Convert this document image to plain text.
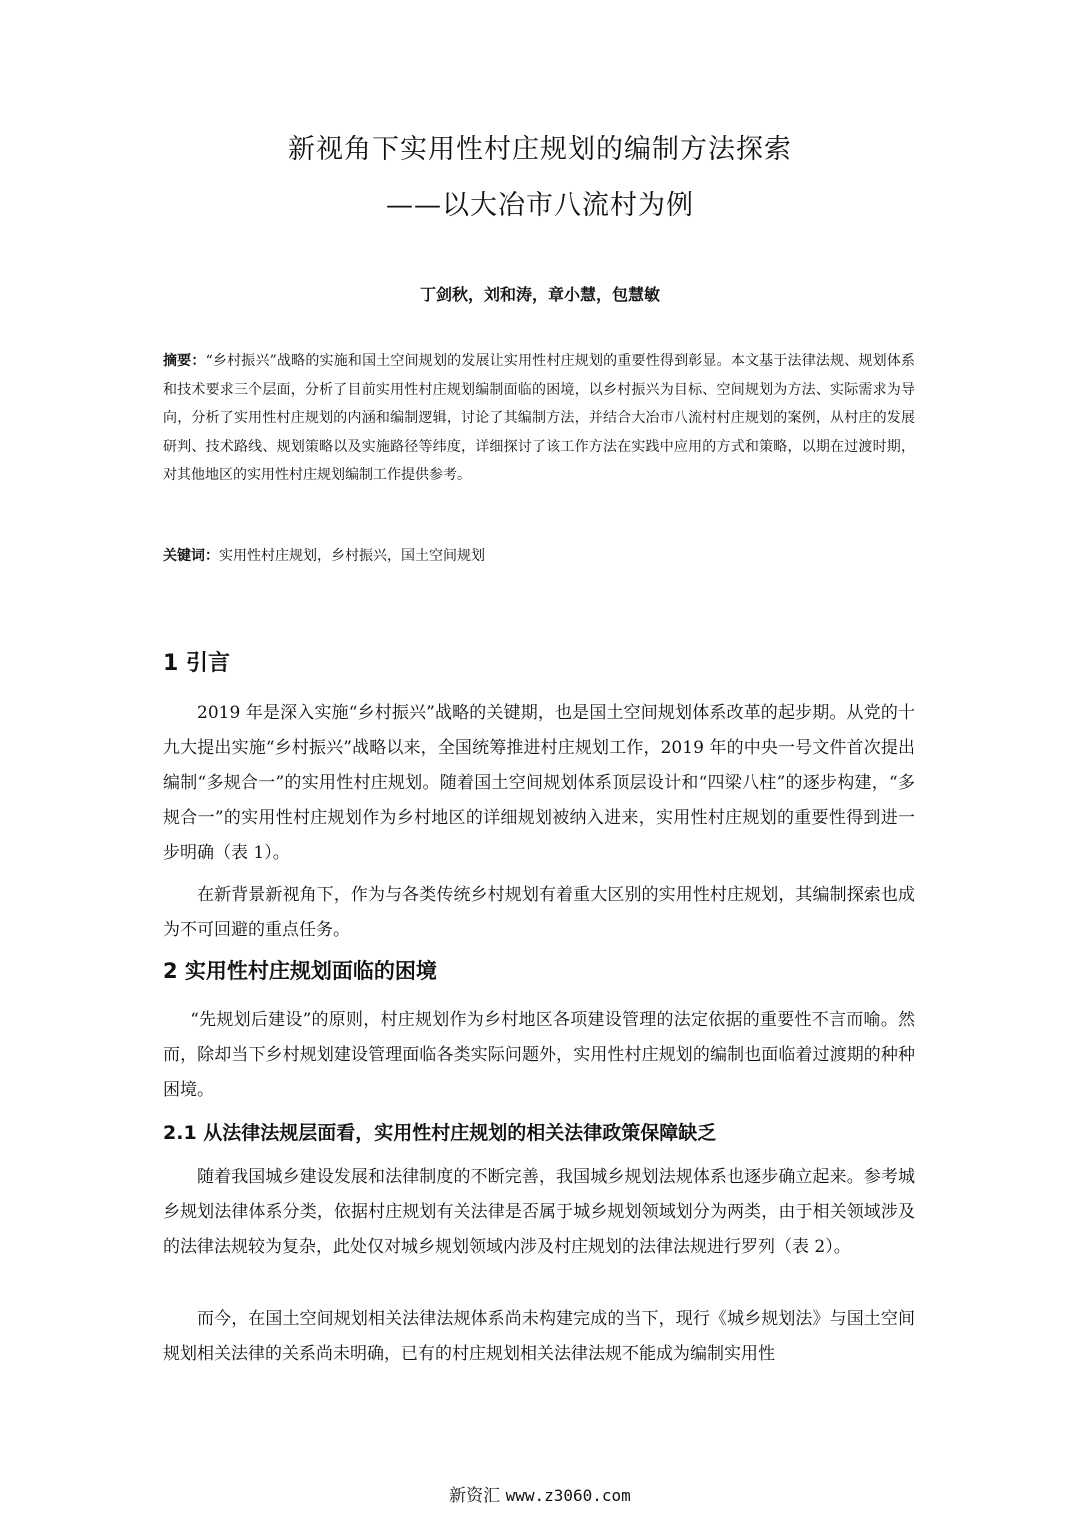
新视角下实用性村庄规划的编制方法探索
——以大冶市八流村为例
丁剑秋，刘和涛，章小慧，包慧敏
摘要：“乡村振兴”战略的实施和国土空间规划的发展让实用性村庄规划的重要性得到彰显。本文基于法律法规、规划体系和技术要求三个层面，分析了目前实用性村庄规划编制面临的困境，以乡村振兴为目标、空间规划为方法、实际需求为导向，分析了实用性村庄规划的内涵和编制逻辑，讨论了其编制方法，并结合大冶市八流村村庄规划的案例，从村庄的发展研判、技术路线、规划策略以及实施路径等纬度，详细探讨了该工作方法在实践中应用的方式和策略，以期在过渡时期，对其他地区的实用性村庄规划编制工作提供参考。
关键词：实用性村庄规划，乡村振兴，国土空间规划
1 引言

2019 年是深入实施“乡村振兴”战略的关键期，也是国土空间规划体系改革的起步期。从党的十九大提出实施“乡村振兴”战略以来，全国统筹推进村庄规划工作，2019 年的中央一号文件首次提出编制“多规合一”的实用性村庄规划。随着国土空间规划体系顶层设计和“四梁八柱”的逐步构建，“多规合一”的实用性村庄规划作为乡村地区的详细规划被纳入进来，实用性村庄规划的重要性得到进一步明确（表 1）。

在新背景新视角下，作为与各类传统乡村规划有着重大区别的实用性村庄规划，其编制探索也成为不可回避的重点任务。

2 实用性村庄规划面临的困境

“先规划后建设”的原则，村庄规划作为乡村地区各项建设管理的法定依据的重要性不言而喻。然而，除却当下乡村规划建设管理面临各类实际问题外，实用性村庄规划的编制也面临着过渡期的种种困境。

2.1 从法律法规层面看，实用性村庄规划的相关法律政策保障缺乏

随着我国城乡建设发展和法律制度的不断完善，我国城乡规划法规体系也逐步确立起来。参考城乡规划法律体系分类，依据村庄规划有关法律是否属于城乡规划领域划分为两类，由于相关领域涉及的法律法规较为复杂，此处仅对城乡规划领域内涉及村庄规划的法律法规进行罗列（表 2）。

而今，在国土空间规划相关法律法规体系尚未构建完成的当下，现行《城乡规划法》与国土空间规划相关法律的关系尚未明确，已有的村庄规划相关法律法规不能成为编制实用性

新资汇 www.z3060.com
